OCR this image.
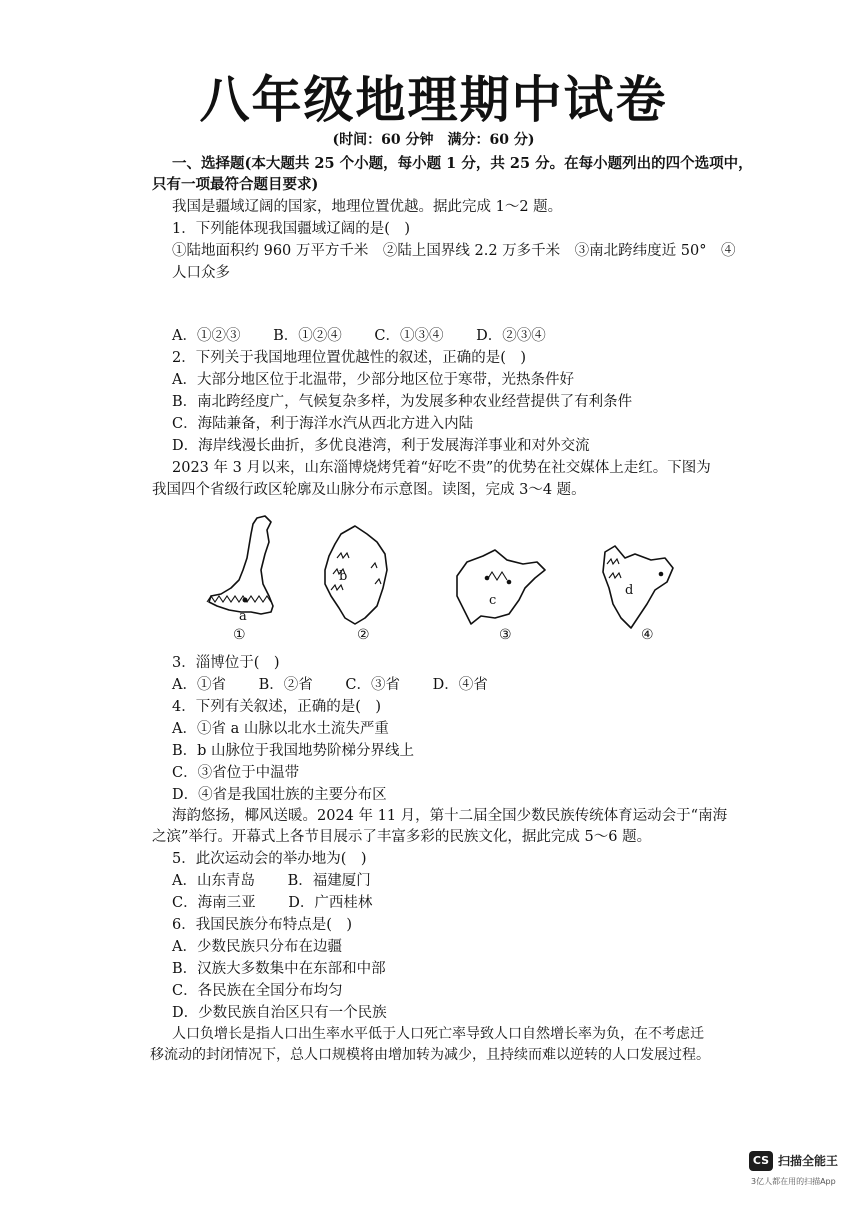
八年级地理期中试卷
(时间：60 分钟　满分：60 分)
一、选择题(本大题共 25 个小题，每小题 1 分，共 25 分。在每小题列出的四个选项中，
只有一项最符合题目要求)
我国是疆域辽阔的国家，地理位置优越。据此完成 1～2 题。
1．下列能体现我国疆域辽阔的是(　)
①陆地面积约 960 万平方千米　②陆上国界线 2.2 万多千米　③南北跨纬度近 50°　④
人口众多
A．①②③ B．①②④ C．①③④ D．②③④
2．下列关于我国地理位置优越性的叙述，正确的是(　)
A．大部分地区位于北温带，少部分地区位于寒带，光热条件好
B．南北跨经度广，气候复杂多样，为发展多种农业经营提供了有利条件
C．海陆兼备，利于海洋水汽从西北方进入内陆
D．海岸线漫长曲折，多优良港湾，利于发展海洋事业和对外交流
2023 年 3 月以来，山东淄博烧烤凭着“好吃不贵”的优势在社交媒体上走红。下图为
我国四个省级行政区轮廓及山脉分布示意图。读图，完成 3～4 题。
a
b
c
d
①	②	③	④
3．淄博位于(　)
A．①省 B．②省 C．③省 D．④省
4．下列有关叙述，正确的是(　)
A．①省 a 山脉以北水土流失严重
B．b 山脉位于我国地势阶梯分界线上
C．③省位于中温带
D．④省是我国壮族的主要分布区
海韵悠扬，椰风送暖。2024 年 11 月，第十二届全国少数民族传统体育运动会于“南海
之滨”举行。开幕式上各节目展示了丰富多彩的民族文化，据此完成 5～6 题。
5．此次运动会的举办地为(　)
A．山东青岛 B．福建厦门
C．海南三亚 D．广西桂林
6．我国民族分布特点是(　)
A．少数民族只分布在边疆
B．汉族大多数集中在东部和中部
C．各民族在全国分布均匀
D．少数民族自治区只有一个民族
人口负增长是指人口出生率水平低于人口死亡率导致人口自然增长率为负，在不考虑迁
移流动的封闭情况下，总人口规模将由增加转为减少，且持续而难以逆转的人口发展过程。
CS 扫描全能王
3亿人都在用的扫描App
